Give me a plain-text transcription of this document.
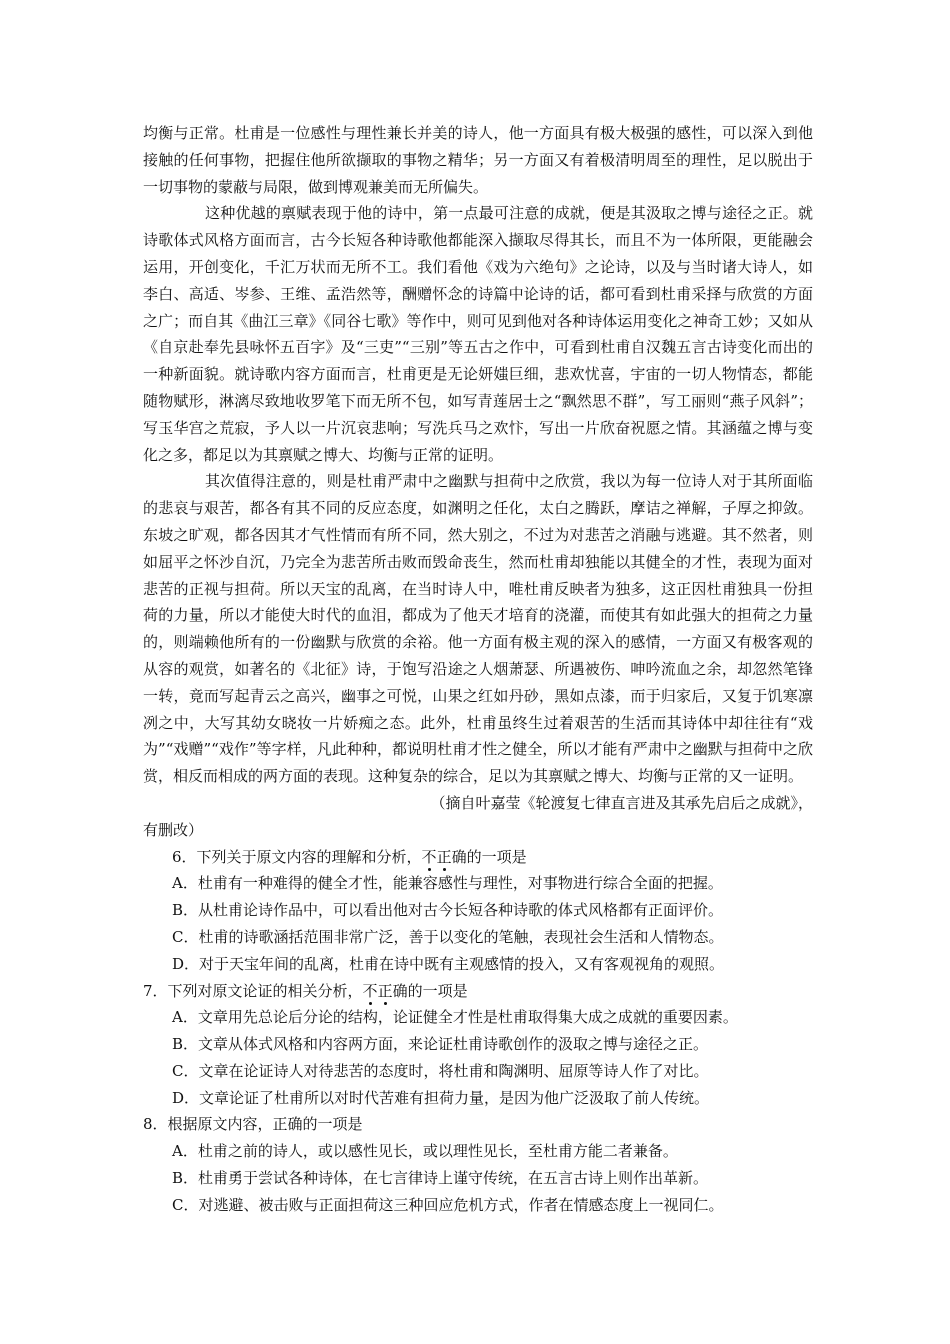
均衡与正常。杜甫是一位感性与理性兼长并美的诗人，他一方面具有极大极强的感性，可以深入到他接触的任何事物，把握住他所欲撷取的事物之精华；另一方面又有着极清明周至的理性，足以脱出于一切事物的蒙蔽与局限，做到博观兼美而无所偏失。

这种优越的禀赋表现于他的诗中，第一点最可注意的成就，便是其汲取之博与途径之正。就诗歌体式风格方面而言，古今长短各种诗歌他都能深入撷取尽得其长，而且不为一体所限，更能融会运用，开创变化，千汇万状而无所不工。我们看他《戏为六绝句》之论诗，以及与当时诸大诗人，如李白、高适、岑参、王维、孟浩然等，酬赠怀念的诗篇中论诗的话，都可看到杜甫采择与欣赏的方面之广；而自其《曲江三章》《同谷七歌》等作中，则可见到他对各种诗体运用变化之神奇工妙；又如从《自京赴奉先县咏怀五百字》及“三吏”“三别”等五古之作中，可看到杜甫自汉魏五言古诗变化而出的一种新面貌。就诗歌内容方面而言，杜甫更是无论妍媸巨细，悲欢忧喜，宇宙的一切人物情态，都能随物赋形，淋漓尽致地收罗笔下而无所不包，如写青莲居士之“飘然思不群”，写工丽则“燕子风斜”；写玉华宫之荒寂，予人以一片沉哀悲响；写洗兵马之欢忭，写出一片欣奋祝愿之情。其涵蕴之博与变化之多，都足以为其禀赋之博大、均衡与正常的证明。

其次值得注意的，则是杜甫严肃中之幽默与担荷中之欣赏，我以为每一位诗人对于其所面临的悲哀与艰苦，都各有其不同的反应态度，如渊明之任化，太白之腾跃，摩诘之禅解，子厚之抑敛。东坡之旷观，都各因其才气性情而有所不同，然大别之，不过为对悲苦之消融与逃避。其不然者，则如屈平之怀沙自沉，乃完全为悲苦所击败而毁命丧生，然而杜甫却独能以其健全的才性，表现为面对悲苦的正视与担荷。所以天宝的乱离，在当时诗人中，唯杜甫反映者为独多，这正因杜甫独具一份担荷的力量，所以才能使大时代的血泪，都成为了他天才培育的浇灌，而使其有如此强大的担荷之力量的，则端赖他所有的一份幽默与欣赏的余裕。他一方面有极主观的深入的感情，一方面又有极客观的从容的观赏，如著名的《北征》诗，于饱写沿途之人烟萧瑟、所遇被伤、呻吟流血之余，却忽然笔锋一转，竟而写起青云之高兴，幽事之可悦，山果之红如丹砂，黑如点漆，而于归家后，又复于饥寒凛冽之中，大写其幼女晓妆一片娇痴之态。此外，杜甫虽终生过着艰苦的生活而其诗体中却往往有“戏为”“戏赠”“戏作”等字样，凡此种种，都说明杜甫才性之健全，所以才能有严肃中之幽默与担荷中之欣赏，相反而相成的两方面的表现。这种复杂的综合，足以为其禀赋之博大、均衡与正常的又一证明。

（摘自叶嘉莹《轮渡复七律直言进及其承先启后之成就》，

有删改）

6．下列关于原文内容的理解和分析，不正确的一项是

A．杜甫有一种难得的健全才性，能兼容感性与理性，对事物进行综合全面的把握。

B．从杜甫论诗作品中，可以看出他对古今长短各种诗歌的体式风格都有正面评价。

C．杜甫的诗歌涵括范围非常广泛，善于以变化的笔触，表现社会生活和人情物态。

D．对于天宝年间的乱离，杜甫在诗中既有主观感情的投入，又有客观视角的观照。

7．下列对原文论证的相关分析，不正确的一项是

A．文章用先总论后分论的结构，论证健全才性是杜甫取得集大成之成就的重要因素。

B．文章从体式风格和内容两方面，来论证杜甫诗歌创作的汲取之博与途径之正。

C．文章在论证诗人对待悲苦的态度时，将杜甫和陶渊明、屈原等诗人作了对比。

D．文章论证了杜甫所以对时代苦难有担荷力量，是因为他广泛汲取了前人传统。

8．根据原文内容，正确的一项是

A．杜甫之前的诗人，或以感性见长，或以理性见长，至杜甫方能二者兼备。

B．杜甫勇于尝试各种诗体，在七言律诗上谨守传统，在五言古诗上则作出革新。

C．对逃避、被击败与正面担荷这三种回应危机方式，作者在情感态度上一视同仁。
